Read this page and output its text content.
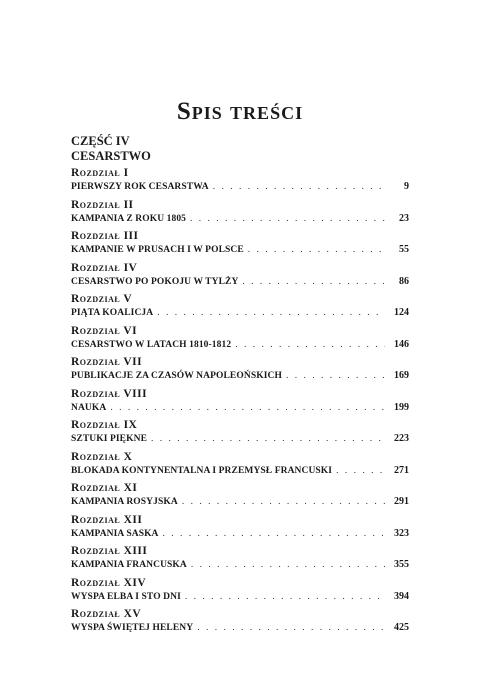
Spis treści
CZĘŚĆ IV
CESARSTWO
Rozdział I
PIERWSZY ROK CESARSTWA . . .	9
Rozdział II
KAMPANIA Z ROKU 1805 . . .	23
Rozdział III
KAMPANIE W PRUSACH I W POLSCE . . .	55
Rozdział IV
CESARSTWO PO POKOJU W TYLŻY . . .	86
Rozdział V
PIĄTA KOALICJA . . .	124
Rozdział VI
CESARSTWO W LATACH 1810-1812 . . .	146
Rozdział VII
PUBLIKACJE ZA CZASÓW NAPOLEOŃSKICH . . .	169
Rozdział VIII
NAUKA . . .	199
Rozdział IX
SZTUKI PIĘKNE . . .	223
Rozdział X
BLOKADA KONTYNENTALNA I PRZEMYSŁ FRANCUSKI . . .	271
Rozdział XI
KAMPANIA ROSYJSKA . . .	291
Rozdział XII
KAMPANIA SASKA . . .	323
Rozdział XIII
KAMPANIA FRANCUSKA . . .	355
Rozdział XIV
WYSPA ELBA I STO DNI . . .	394
Rozdział XV
WYSPA ŚWIĘTEJ HELENY . . .	425
